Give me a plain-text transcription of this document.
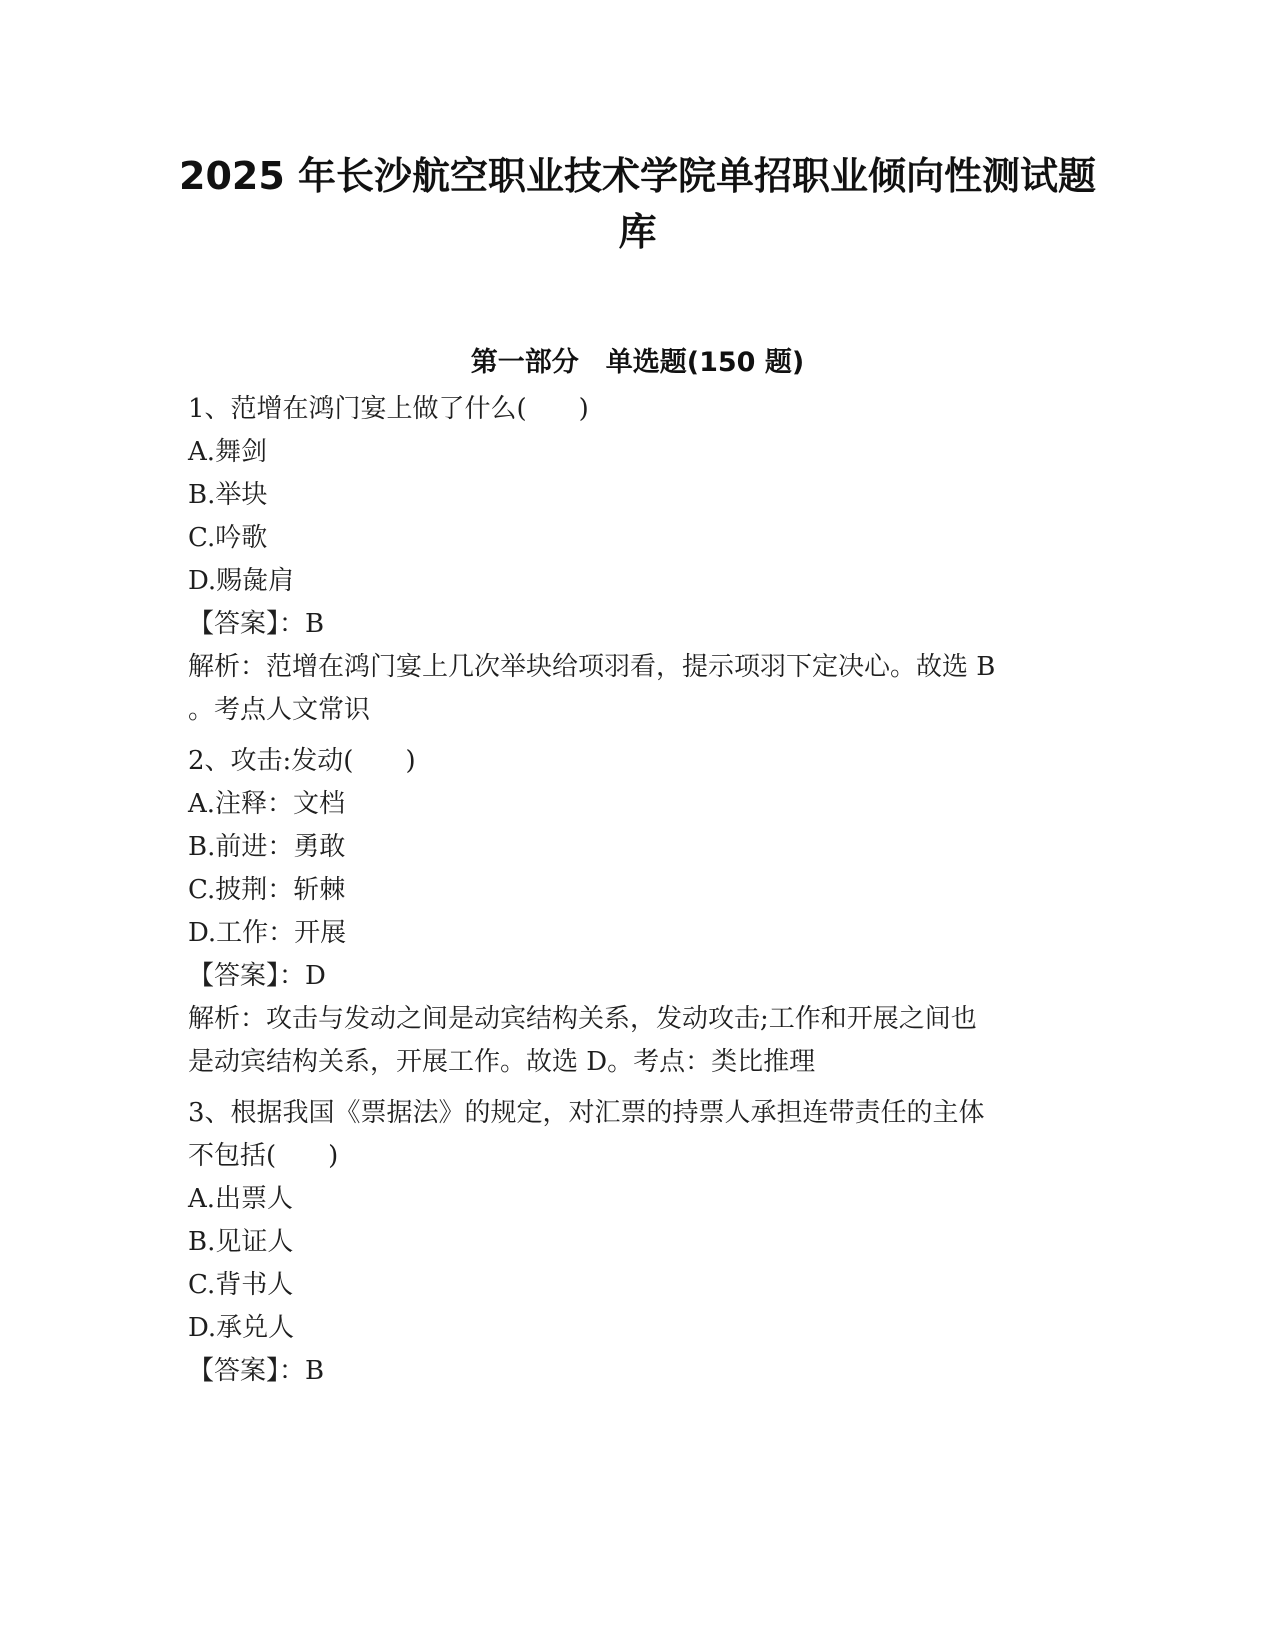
2025 年长沙航空职业技术学院单招职业倾向性测试题
库
第一部分　单选题(150 题)
1、范增在鸿门宴上做了什么(　　)
A.舞剑
B.举块
C.吟歌
D.赐彘肩
【答案】：B
解析：范增在鸿门宴上几次举块给项羽看，提示项羽下定决心。故选 B
。考点人文常识
2、攻击:发动(　　)
A.注释：文档
B.前进：勇敢
C.披荆：斩棘
D.工作：开展
【答案】：D
解析：攻击与发动之间是动宾结构关系，发动攻击;工作和开展之间也
是动宾结构关系，开展工作。故选 D。考点：类比推理
3、根据我国《票据法》的规定，对汇票的持票人承担连带责任的主体
不包括(　　)
A.出票人
B.见证人
C.背书人
D.承兑人
【答案】：B
